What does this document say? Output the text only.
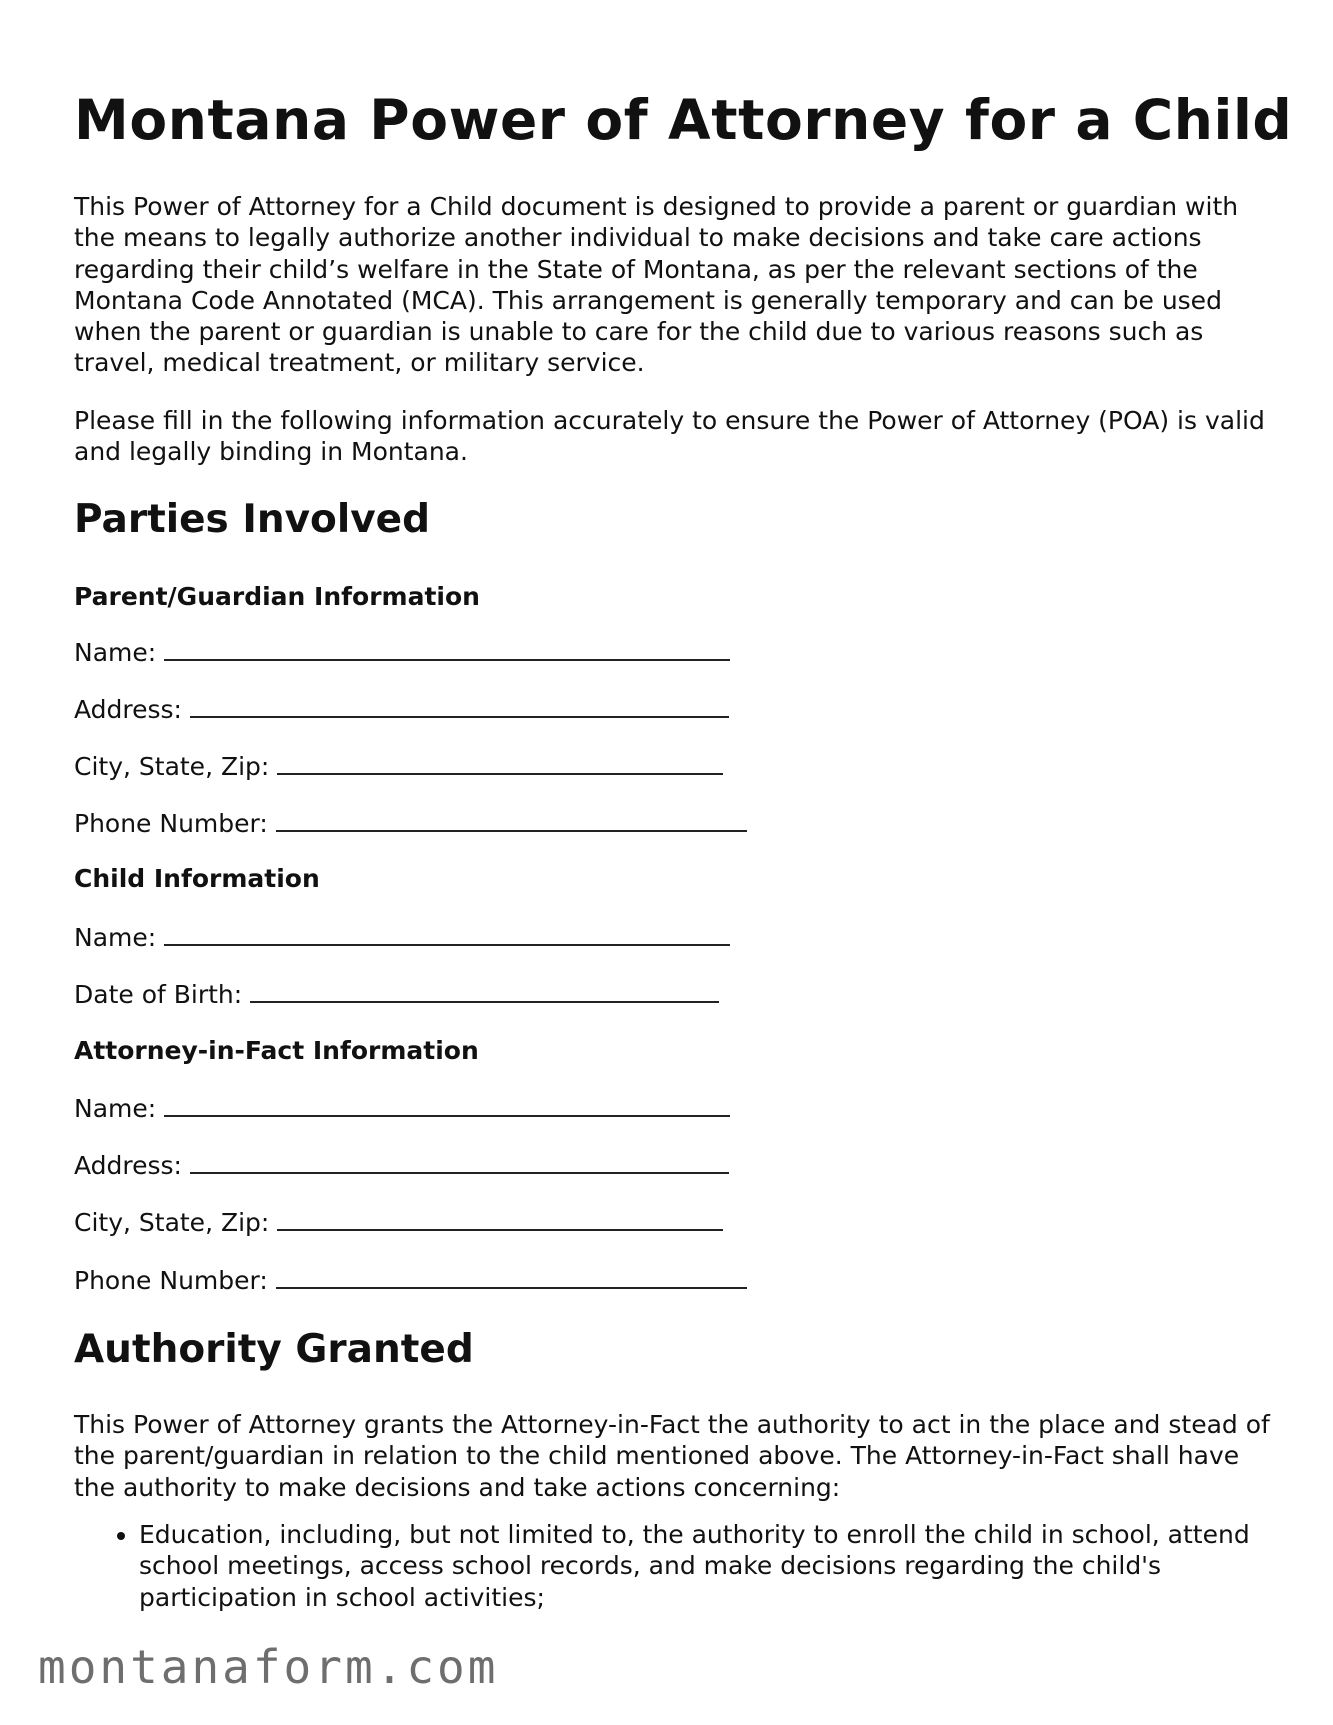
Montana Power of Attorney for a Child

This Power of Attorney for a Child document is designed to provide a parent or guardian with the means to legally authorize another individual to make decisions and take care actions regarding their child’s welfare in the State of Montana, as per the relevant sections of the Montana Code Annotated (MCA). This arrangement is generally temporary and can be used when the parent or guardian is unable to care for the child due to various reasons such as travel, medical treatment, or military service.

Please fill in the following information accurately to ensure the Power of Attorney (POA) is valid and legally binding in Montana.

Parties Involved
Parent/Guardian Information
Name:
Address:
City, State, Zip:
Phone Number:
Child Information
Name:
Date of Birth:
Attorney-in-Fact Information
Name:
Address:
City, State, Zip:
Phone Number:
Authority Granted

This Power of Attorney grants the Attorney-in-Fact the authority to act in the place and stead of the parent/guardian in relation to the child mentioned above. The Attorney-in-Fact shall have the authority to make decisions and take actions concerning:

• Education, including, but not limited to, the authority to enroll the child in school, attend school meetings, access school records, and make decisions regarding the child's participation in school activities;
montanaform.com
